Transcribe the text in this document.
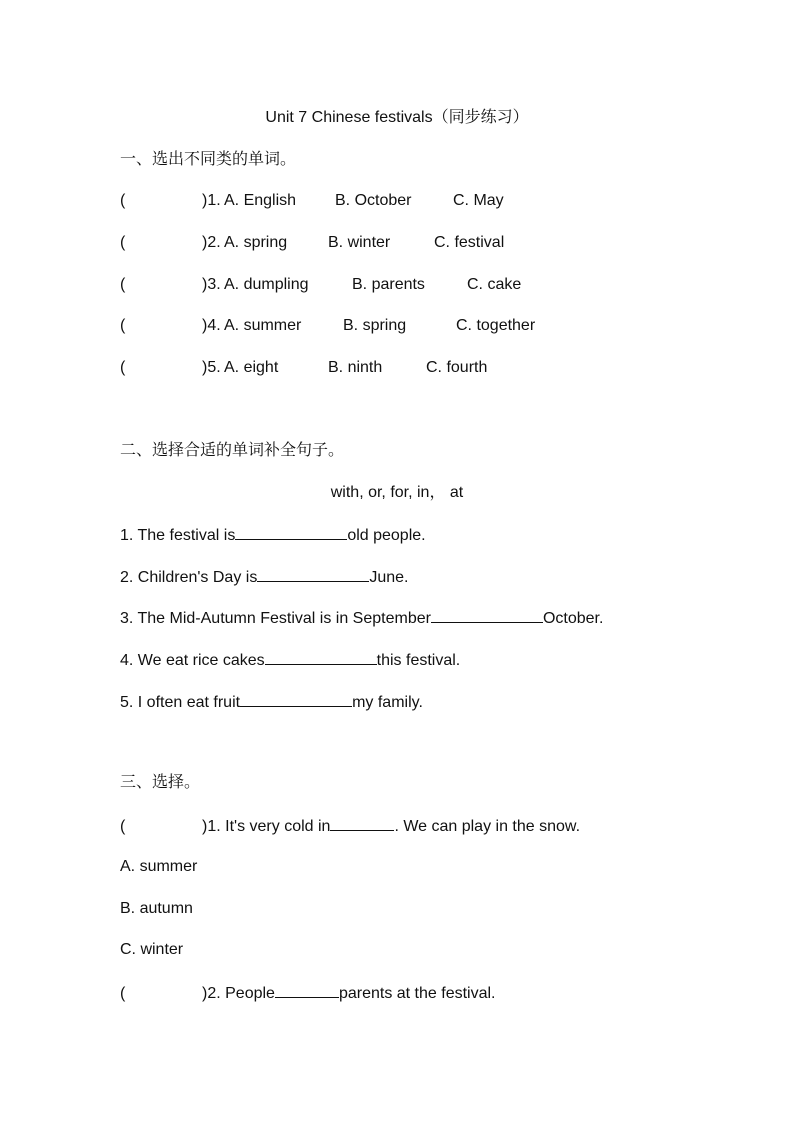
Unit 7 Chinese festivals（同步练习）
一、选出不同类的单词。
(	)1. A. English B. October	C. May
(	)2. A. spring	B. winter	C. festival
(	)3. A. dumpling	B. parents	C. cake
(	)4. A. summer	B. spring	C. together
(	)5. A. eight	B. ninth	C. fourth
二、选择合适的单词补全句子。
with, or, for, in， at
1. The festival is	old people.
2. Children's Day is	June.
3. The Mid-Autumn Festival is in September	October.
4. We eat rice cakes	this festival.
5. I often eat fruit	my family.
三、选择。
(	)1. It's very cold in	. We can play in the snow.
A. summer
B. autumn
C. winter
(	)2. People	parents at the festival.
